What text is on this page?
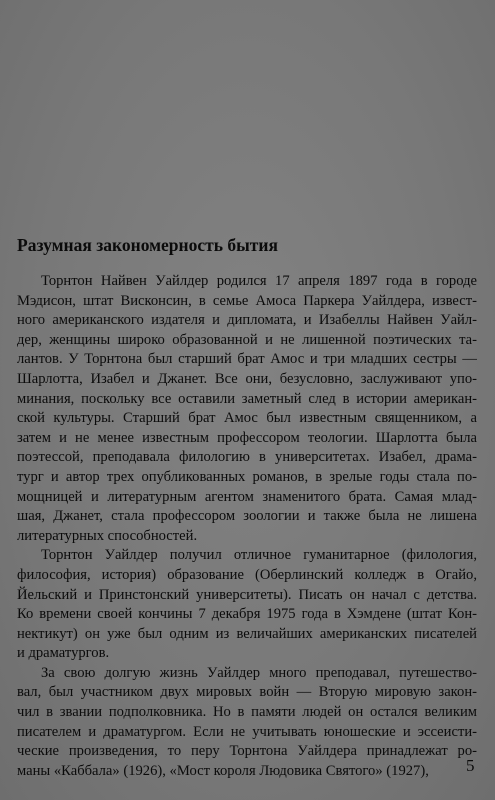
Разумная закономерность бытия
Торнтон Найвен Уайлдер родился 17 апреля 1897 года в городе
Мэдисон, штат Висконсин, в семье Амоса Паркера Уайлдера, извест-
ного американского издателя и дипломата, и Изабеллы Найвен Уайл-
дер, женщины широко образованной и не лишенной поэтических та-
лантов. У Торнтона был старший брат Амос и три младших сестры —
Шарлотта, Изабел и Джанет. Все они, безусловно, заслуживают упо-
минания, поскольку все оставили заметный след в истории американ-
ской культуры. Старший брат Амос был известным священником, а
затем и не менее известным профессором теологии. Шарлотта была
поэтессой, преподавала филологию в университетах. Изабел, драма-
тург и автор трех опубликованных романов, в зрелые годы стала по-
мощницей и литературным агентом знаменитого брата. Самая млад-
шая, Джанет, стала профессором зоологии и также была не лишена
литературных способностей.
Торнтон Уайлдер получил отличное гуманитарное (филология,
философия, история) образование (Оберлинский колледж в Огайо,
Йельский и Принстонский университеты). Писать он начал с детства.
Ко времени своей кончины 7 декабря 1975 года в Хэмдене (штат Кон-
нектикут) он уже был одним из величайших американских писателей
и драматургов.
За свою долгую жизнь Уайлдер много преподавал, путешество-
вал, был участником двух мировых войн — Вторую мировую закон-
чил в звании подполковника. Но в памяти людей он остался великим
писателем и драматургом. Если не учитывать юношеские и эссеисти-
ческие произведения, то перу Торнтона Уайлдера принадлежат ро-
маны «Каббала» (1926), «Мост короля Людовика Святого» (1927),	5
